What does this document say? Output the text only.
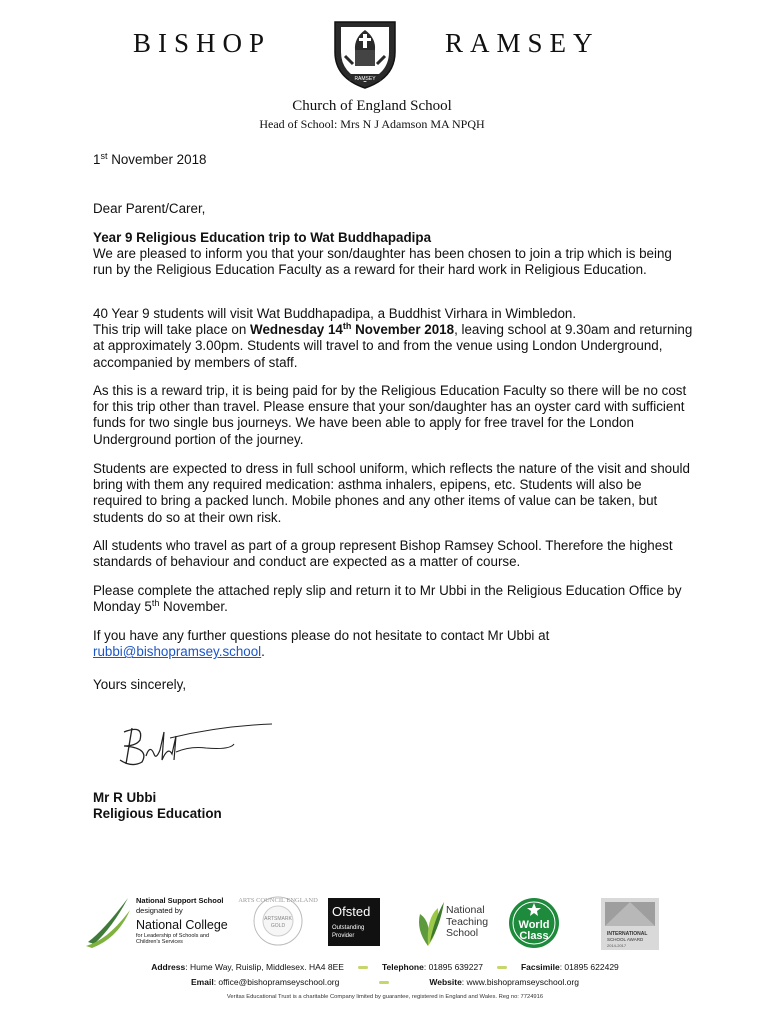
BISHOP
RAMSEY
RAMSEY
Church of England School
Head of School: Mrs N J Adamson MA NPQH

1st November 2018

Dear Parent/Carer,

Year 9 Religious Education trip to Wat Buddhapadipa

We are pleased to inform you that your son/daughter has been chosen to join a trip which is being run by the Religious Education Faculty as a reward for their hard work in Religious Education.

40 Year 9 students will visit Wat Buddhapadipa, a Buddhist Virhara in Wimbledon.
This trip will take place on Wednesday 14th November 2018, leaving school at 9.30am and returning at approximately 3.00pm. Students will travel to and from the venue using London Underground, accompanied by members of staff.

As this is a reward trip, it is being paid for by the Religious Education Faculty so there will be no cost for this trip other than travel. Please ensure that your son/daughter has an oyster card with sufficient funds for two single bus journeys. We have been able to apply for free travel for the London Underground portion of the journey.

Students are expected to dress in full school uniform, which reflects the nature of the visit and should bring with them any required medication: asthma inhalers, epipens, etc. Students will also be required to bring a packed lunch. Mobile phones and any other items of value can be taken, but students do so at their own risk.

All students who travel as part of a group represent Bishop Ramsey School. Therefore the highest standards of behaviour and conduct are expected as a matter of course.

Please complete the attached reply slip and return it to Mr Ubbi in the Religious Education Office by Monday 5th November.

If you have any further questions please do not hesitate to contact Mr Ubbi at rubbi@bishopramsey.school.

Yours sincerely,

Mr R Ubbi

Religious Education

National Support School
designated by
National College
for Leadership of Schools and Children's Services
ARTS COUNCIL ENGLAND
ARTSMARK
GOLD
Ofsted
Outstanding
Provider
National
Teaching
School
World
Class	INTERNATIONAL
SCHOOL AWARD
2014-2017
Address: Hume Way, Ruislip, Middlesex. HA4 8EE	Telephone: 01895 639227	Facsimile: 01895 622429
Email: office@bishopramseyschool.org	Website: www.bishopramseyschool.org
Veritas Educational Trust is a charitable Company limited by guarantee, registered in England and Wales. Reg no: 7724916
